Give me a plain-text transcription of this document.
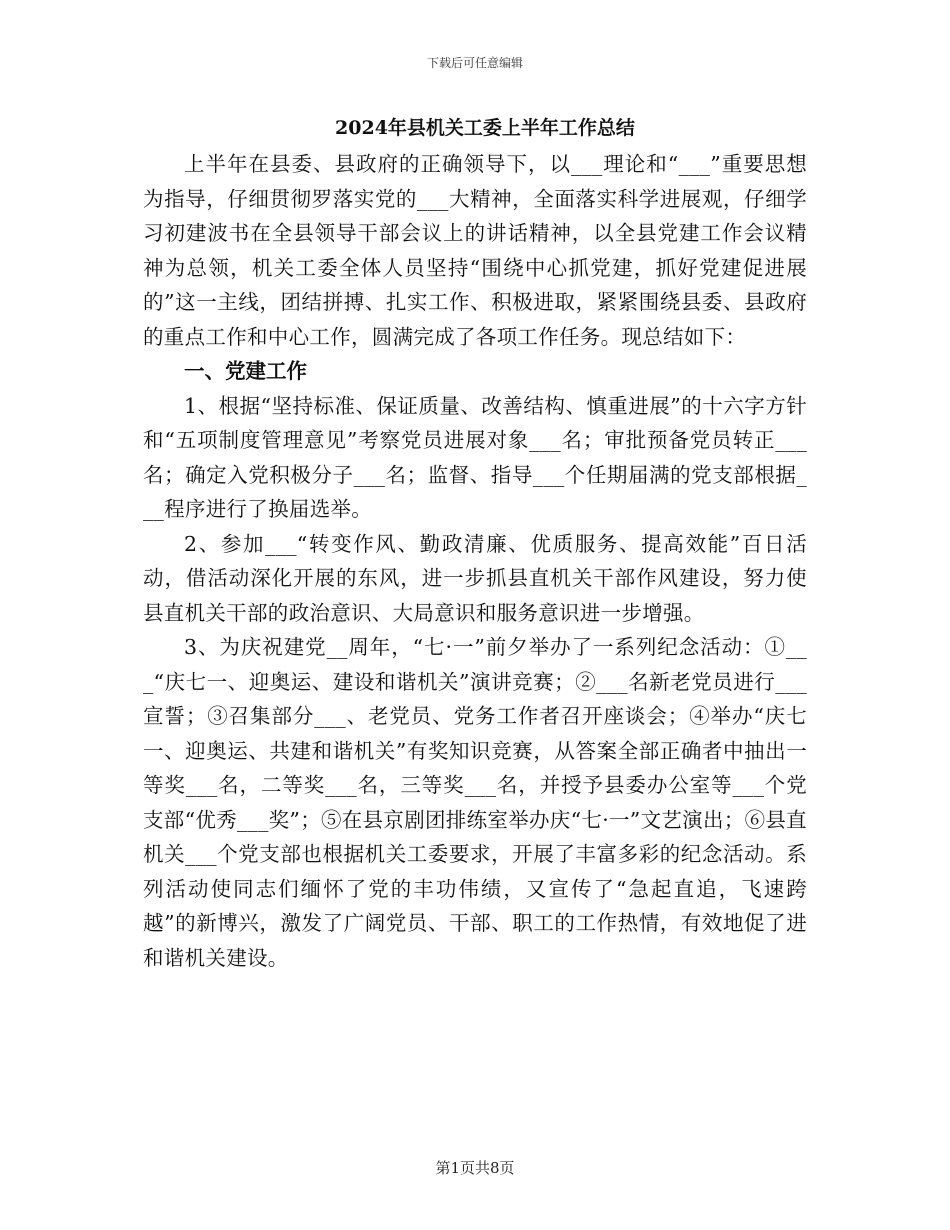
下载后可任意编辑
2024年县机关工委上半年工作总结

上半年在县委、县政府的正确领导下，以___理论和“___”重要思想为指导，仔细贯彻罗落实党的___大精神，全面落实科学进展观，仔细学习初建波书在全县领导干部会议上的讲话精神，以全县党建工作会议精神为总领，机关工委全体人员坚持“围绕中心抓党建，抓好党建促进展的”这一主线，团结拼搏、扎实工作、积极进取，紧紧围绕县委、县政府的重点工作和中心工作，圆满完成了各项工作任务。现总结如下：

一、党建工作

1、根据“坚持标准、保证质量、改善结构、慎重进展”的十六字方针和“五项制度管理意见”考察党员进展对象___名；审批预备党员转正___名；确定入党积极分子___名；监督、指导___个任期届满的党支部根据___程序进行了换届选举。

2、参加___“转变作风、勤政清廉、优质服务、提高效能”百日活动，借活动深化开展的东风，进一步抓县直机关干部作风建设，努力使县直机关干部的政治意识、大局意识和服务意识进一步增强。

3、为庆祝建党__周年，“七·一”前夕举办了一系列纪念活动：①___“庆七一、迎奥运、建设和谐机关”演讲竞赛；②___名新老党员进行___宣誓；③召集部分___、老党员、党务工作者召开座谈会；④举办“庆七一、迎奥运、共建和谐机关”有奖知识竞赛，从答案全部正确者中抽出一等奖___名，二等奖___名，三等奖___名，并授予县委办公室等___个党支部“优秀___奖”；⑤在县京剧团排练室举办庆“七·一”文艺演出；⑥县直机关___个党支部也根据机关工委要求，开展了丰富多彩的纪念活动。系列活动使同志们缅怀了党的丰功伟绩，又宣传了“急起直追，飞速跨越”的新博兴，激发了广阔党员、干部、职工的工作热情，有效地促了进和谐机关建设。

第1页共8页
